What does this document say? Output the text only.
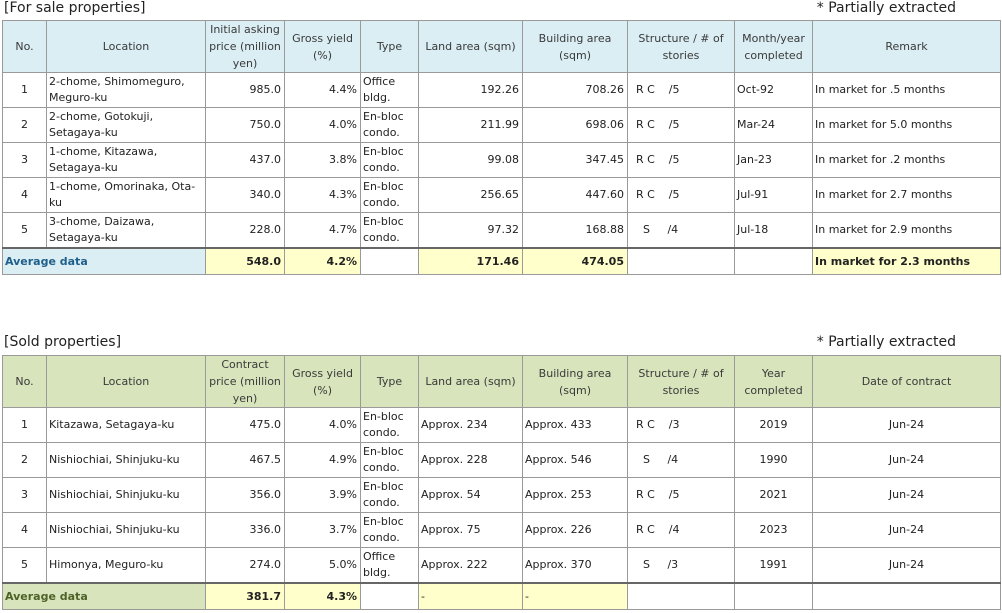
[For sale properties]	* Partially extracted
No.	Location	Initial asking price (million yen)	Gross yield (%)	Type	Land area (sqm)	Building area (sqm)	Structure / # of stories	Month/year completed	Remark
1	2-chome, Shimomeguro, Meguro-ku	985.0	4.4%	Office bldg.	192.26	708.26	R C    /5	Oct-92	In market for .5 months
2	2-chome, Gotokuji, Setagaya-ku	750.0	4.0%	En-bloc condo.	211.99	698.06	R C    /5	Mar-24	In market for 5.0 months
3	1-chome, Kitazawa, Setagaya-ku	437.0	3.8%	En-bloc condo.	99.08	347.45	R C    /5	Jan-23	In market for .2 months
4	1-chome, Omorinaka, Ota-ku	340.0	4.3%	En-bloc condo.	256.65	447.60	R C    /5	Jul-91	In market for 2.7 months
5	3-chome, Daizawa, Setagaya-ku	228.0	4.7%	En-bloc condo.	97.32	168.88	S     /4	Jul-18	In market for 2.9 months
Average data		548.0	4.2%		171.46	474.05			In market for 2.3 months
[Sold properties]	* Partially extracted
No.	Location	Contract price (million yen)	Gross yield (%)	Type	Land area (sqm)	Building area (sqm)	Structure / # of stories	Year completed	Date of contract
1	Kitazawa, Setagaya-ku	475.0	4.0%	En-bloc condo.	Approx. 234	Approx. 433	R C    /3	2019	Jun-24
2	Nishiochiai, Shinjuku-ku	467.5	4.9%	En-bloc condo.	Approx. 228	Approx. 546	S     /4	1990	Jun-24
3	Nishiochiai, Shinjuku-ku	356.0	3.9%	En-bloc condo.	Approx. 54	Approx. 253	R C    /5	2021	Jun-24
4	Nishiochiai, Shinjuku-ku	336.0	3.7%	En-bloc condo.	Approx. 75	Approx. 226	R C    /4	2023	Jun-24
5	Himonya, Meguro-ku	274.0	5.0%	Office bldg.	Approx. 222	Approx. 370	S     /3	1991	Jun-24
Average data		381.7	4.3%		-	-			
